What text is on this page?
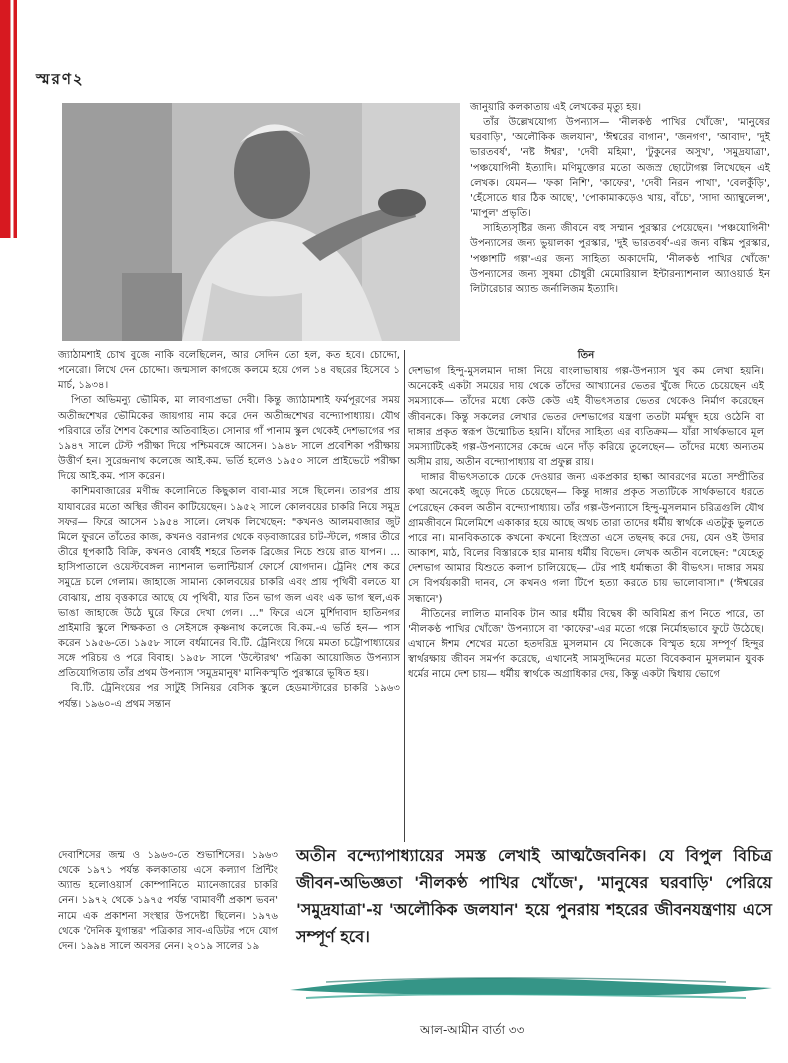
স্মরণ২

জানুয়ারি কলকাতায় এই লেখকের মৃত্যু হয়।

তাঁর উল্লেখযোগ্য উপন্যাস— 'নীলকণ্ঠ পাখির খোঁজে', 'মানুষের ঘরবাড়ি', 'অলৌকিক জলযান', 'ঈশ্বরের বাগান', 'জনগণ', 'আবাদ', 'দুই ভারতবর্ষ', 'নষ্ট ঈশ্বর', 'দেবী মহিমা', 'টুকুনের অসুখ', 'সমুদ্রযাত্রা', 'পঞ্চযোগিনী ইত্যাদি। মণিমুক্তোর মতো অজস্র ছোটোগল্প লিখেছেন এই লেখক। যেমন— 'ফকা নিশি', 'কাফের', 'দেবী নিরন পাখা', 'বেলকুঁড়ি', 'হেঁসোতে ধার ঠিক আছে', 'পোকামাকড়েও খায়, বাঁচে', 'সাদা অ্যাম্বুলেন্স', 'মাপুল' প্রভৃতি।

সাহিত্যসৃষ্টির জন্য জীবনে বহু সম্মান পুরস্কার পেয়েছেন। 'পঞ্চযোগিনী' উপন্যাসের জন্য ভুয়ালকা পুরস্কার, 'দুই ভারতবর্ষ'-এর জন্য বঙ্কিম পুরস্কার, 'পঞ্চাশটি গল্প'-এর জন্য সাহিত্য অকাদেমি, 'নীলকণ্ঠ পাখির খোঁজে' উপন্যাসের জন্য সুষমা চৌধুরী মেমোরিয়াল ইন্টারন্যাশনাল অ্যাওয়ার্ড ইন লিটারেচার অ্যান্ড জর্নালিজম ইত্যাদি।

জ্যাঠামশাই চোখ বুজে নাকি বলেছিলেন, আর সেদিন তো হল, কত হবে। চোদ্দো, পনেরো। লিখে দেন চোদ্দো। জন্মসাল কাগজে কলমে হয়ে গেল ১৪ বছরের হিসেবে ১ মার্চ, ১৯৩৪।

পিতা অভিমন্যু ভৌমিক, মা লাবণ্যপ্রভা দেবী। কিন্তু জ্যাঠামশাই ফর্মপূরণের সময় অতীন্দ্রশেখর ভৌমিকের জায়গায় নাম করে দেন অতীন্দ্রশেখর বন্দ্যোপাধ্যায়। যৌথ পরিবারে তাঁর শৈশব কৈশোর অতিবাহিত। সোনার গাঁ পানাম স্কুল থেকেই দেশভাগের পর ১৯৪৭ সালে টেস্ট পরীক্ষা দিয়ে পশ্চিমবঙ্গে আসেন। ১৯৪৮ সালে প্রবেশিকা পরীক্ষায় উত্তীর্ণ হন। সুরেন্দ্রনাথ কলেজে আই.কম. ভর্তি হলেও ১৯৫০ সালে প্রাইভেটে পরীক্ষা দিয়ে আই.কম. পাস করেন।

কাশিমবাজারের মণীন্দ্র কলোনিতে কিছুকাল বাবা-মার সঙ্গে ছিলেন। তারপর প্রায় যাযাবরের মতো অস্থির জীবন কাটিয়েছেন। ১৯৫২ সালে কোলবয়ের চাকরি নিয়ে সমুদ্র সফর— ফিরে আসেন ১৯৫৪ সালে। লেখক লিখেছেন: "কখনও আলমবাজার জুট মিলে ফুরনে তাঁতের কাজ, কখনও বরানগর থেকে বড়বাজারের চাট-স্টলে, গঙ্গার তীরে তীরে ধূপকাঠি বিক্রি, কখনও বোর্ষই শহরে তিলক ব্রিজের নিচে শুয়ে রাত যাপন। ... হাসিপাতালে ওয়েস্টবেঙ্গল ন্যাশনাল ভলান্টিয়ার্স ফোর্সে যোগদান। ট্রেনিং শেষ করে সমুদ্রে চলে গেলাম। জাহাজে সামান্য কোলবয়ের চাকরি এবং প্রায় পৃথিবী বলতে যা বোঝায়, প্রায় বৃত্তকারে আছে যে পৃথিবী, যার তিন ভাগ জল এবং এক ভাগ স্থল,এক ভাঙা জাহাজে উঠে ঘুরে ফিরে দেখা গেল। ..." ফিরে এসে মুর্শিদাবাদ হাতিনগর প্রাইমারি স্কুলে শিক্ষকতা ও সেইসঙ্গে কৃষ্ণনাথ কলেজে বি.কম.-এ ভর্তি হন— পাস করেন ১৯৫৬-তে। ১৯৫৮ সালে বর্ধমানের বি.টি. ট্রেনিংয়ে গিয়ে মমতা চট্টোপাধ্যায়ের সঙ্গে পরিচয় ও পরে বিবাহ। ১৯৫৮ সালে 'উল্টোরথ' পত্রিকা আয়োজিত উপন্যাস প্রতিযোগিতায় তাঁর প্রথম উপন্যাস 'সমুদ্রমানুষ' মানিকস্মৃতি পুরস্কারে ভূষিত হয়।

বি.টি. ট্রেনিংয়ের পর সাটুই সিনিয়র বেসিক স্কুলে হেডমাস্টারের চাকরি ১৯৬৩ পর্যন্ত। ১৯৬০-এ প্রথম সন্তান

দেবাশিসের জন্ম ও ১৯৬৩-তে শুভাশিসের। ১৯৬৩ থেকে ১৯৭১ পর্যন্ত কলকাতায় এসে কল্যাণ প্রিন্টিং অ্যান্ড হলোওয়ার্স কোম্পানিতে ম্যানেজারের চাকরি নেন। ১৯৭২ থেকে ১৯৭৫ পর্যন্ত 'বামাবর্ণী প্রকাশ ভবন' নামে এক প্রকাশনা সংস্থার উপদেষ্টা ছিলেন। ১৯৭৬ থেকে 'দৈনিক যুগান্তর' পত্রিকার সাব-এডিটর পদে যোগ দেন। ১৯৯৪ সালে অবসর নেন। ২০১৯ সালের ১৯

তিন

দেশভাগ হিন্দু-মুসলমান দাঙ্গা নিয়ে বাংলাভাষায় গল্প-উপন্যাস খুব কম লেখা হয়নি। অনেকেই একটা সময়ের দায় থেকে তাঁদের আখ্যানের ভেতর খুঁজে দিতে চেয়েছেন এই সমস্যাকে— তাঁদের মধ্যে কেউ কেউ এই বীভৎসতার ভেতর থেকেও নির্মাণ করেছেন জীবনকে। কিন্তু সকলের লেখার ভেতর দেশভাগের যন্ত্রণা ততটা মর্মস্থূদ হয়ে ওঠেনি বা দাঙ্গার প্রকৃত স্বরূপ উন্মোচিত হয়নি। যাঁদের সাহিত্য এর ব্যতিক্রম— যাঁরা সার্থকভাবে মূল সমস্যাটিকেই গল্প-উপন্যাসের কেন্দ্রে এনে দাঁড় করিয়ে তুলেছেন— তাঁদের মধ্যে অন্যতম অসীম রায়, অতীন বন্দ্যোপাধ্যায় বা প্রফুল্ল রায়।

দাঙ্গার বীভৎসতাকে ঢেকে দেওয়ার জন্য একপ্রকার হাল্কা আবরণের মতো সম্প্রীতির কথা অনেকেই জুড়ে দিতে চেয়েছেন— কিন্তু দাঙ্গার প্রকৃত সত্যটিকে সার্থকভাবে ধরতে পেরেছেন কেবল অতীন বন্দ্যোপাধ্যায়। তাঁর গল্প-উপন্যাসে হিন্দু-মুসলমান চরিত্রগুলি যৌথ গ্রামজীবনে মিলেমিশে একাকার হয়ে আছে অথচ তারা তাদের ধর্মীয় স্বার্থকে এতটুকু ভুলতে পারে না। মানবিকতাকে কখনো কখনো হিংস্রতা এসে তছনছ করে দেয়, যেন ওই উদার আকাশ, মাঠ, বিলের বিস্তারকে হার মানায় ধর্মীয় বিভেদ। লেখক অতীন বলেছেন: "যেহেতু দেশভাগ আমার যিশুতে কলাপ চালিয়েছে— টের পাই ধর্মান্ধতা কী বীভৎস। দাঙ্গার সময় সে বিপর্যয়কারী দানব, সে কখনও গলা টিপে হত্যা করতে চায় ভালোবাসা।" ('ঈশ্বরের সন্ধানে')

নীতিনের লালিত মানবিক টান আর ধর্মীয় বিদ্বেষ কী অবিমিশ্র রূপ নিতে পারে, তা 'নীলকণ্ঠ পাখির খোঁজে' উপন্যাসে বা 'কাফের'-এর মতো গল্পে নির্মোহভাবে ফুটে উঠেছে। এখানে ঈশম শেখের মতো হতদরিদ্র মুসলমান যে নিজেকে বিস্মৃত হয়ে সম্পূর্ণ হিন্দুর স্বার্থরক্ষায় জীবন সমর্পণ করেছে, এখানেই সামসুদ্দিনের মতো বিবেকবান মুসলমান যুবক ধর্মের নামে দেশ চায়— ধর্মীয় স্বার্থকে অগ্রাধিকার দেয়, কিন্তু একটা দ্বিধায় ভোগে

অতীন বন্দ্যোপাধ্যায়ের সমস্ত লেখাই আত্মজৈবনিক। যে বিপুল বিচিত্র জীবন-অভিজ্ঞতা 'নীলকণ্ঠ পাখির খোঁজে', 'মানুষের ঘরবাড়ি' পেরিয়ে 'সমুদ্রযাত্রা'-য় 'অলৌকিক জলযান' হয়ে পুনরায় শহরের জীবনযন্ত্রণায় এসে সম্পূর্ণ হবে।
আল-আমীন বার্তা ৩৩
